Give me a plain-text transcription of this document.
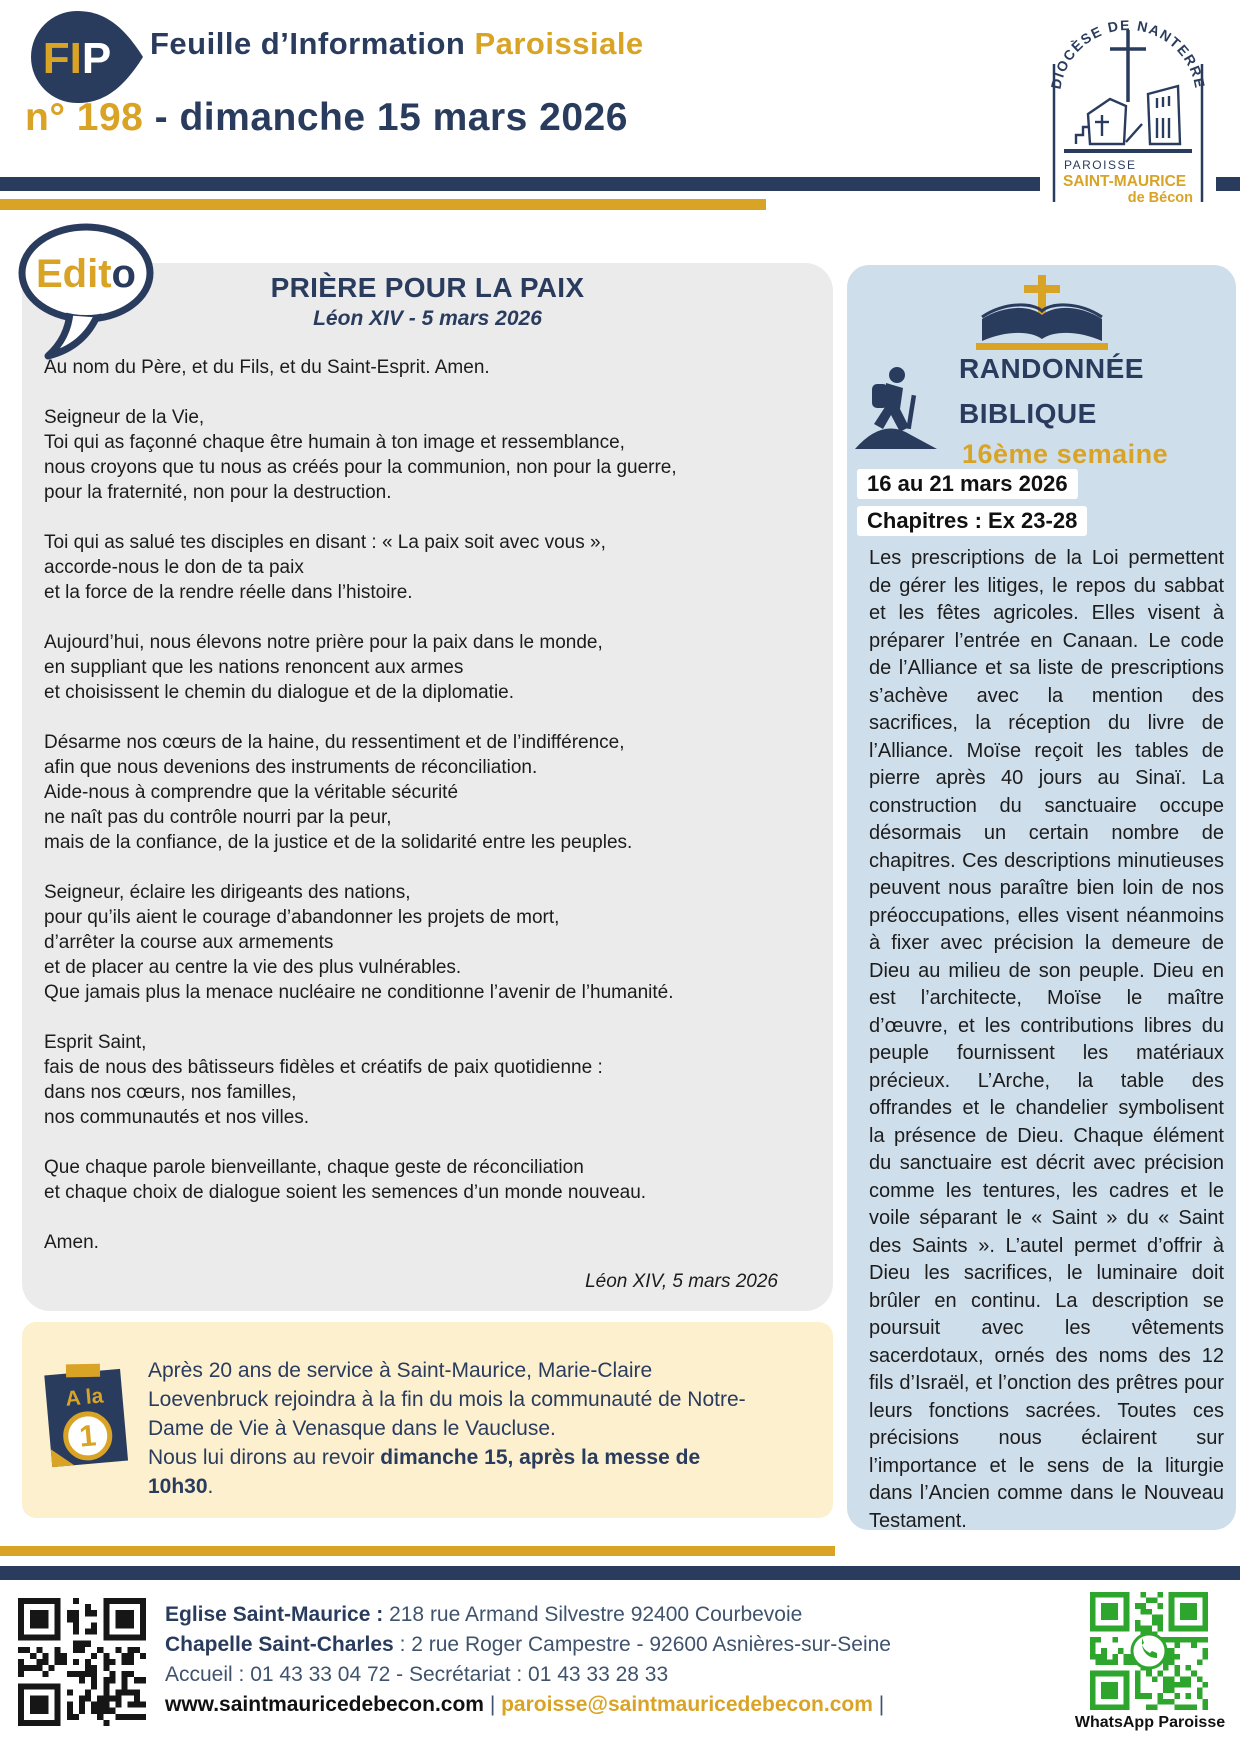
FIP Feuille d’Information Paroissiale
n° 198 - dimanche 15 mars 2026
DIOCÈSE DE NANTERRE
PAROISSE
SAINT-MAURICE
de Bécon
PRIÈRE POUR LA PAIX
Léon XIV - 5 mars 2026

Au nom du Père, et du Fils, et du Saint-Esprit. Amen.

Seigneur de la Vie,
Toi qui as façonné chaque être humain à ton image et ressemblance,
nous croyons que tu nous as créés pour la communion, non pour la guerre,
pour la fraternité, non pour la destruction.

Toi qui as salué tes disciples en disant : « La paix soit avec vous »,
accorde-nous le don de ta paix
et la force de la rendre réelle dans l’histoire.

Aujourd’hui, nous élevons notre prière pour la paix dans le monde,
en suppliant que les nations renoncent aux armes
et choisissent le chemin du dialogue et de la diplomatie.

Désarme nos cœurs de la haine, du ressentiment et de l’indifférence,
afin que nous devenions des instruments de réconciliation.
Aide-nous à comprendre que la véritable sécurité
ne naît pas du contrôle nourri par la peur,
mais de la confiance, de la justice et de la solidarité entre les peuples.

Seigneur, éclaire les dirigeants des nations,
pour qu’ils aient le courage d’abandonner les projets de mort,
d’arrêter la course aux armements
et de placer au centre la vie des plus vulnérables.
Que jamais plus la menace nucléaire ne conditionne l’avenir de l’humanité.

Esprit Saint,
fais de nous des bâtisseurs fidèles et créatifs de paix quotidienne :
dans nos cœurs, nos familles,
nos communautés et nos villes.

Que chaque parole bienveillante, chaque geste de réconciliation
et chaque choix de dialogue soient les semences d’un monde nouveau.

Amen.

Léon XIV, 5 mars 2026
Edito
A la
1
Après 20 ans de service à Saint-Maurice, Marie-Claire Loevenbruck rejoindra à la fin du mois la communauté de Notre-Dame de Vie à Venasque dans le Vaucluse.
Nous lui dirons au revoir dimanche 15, après la messe de 10h30.
RANDONNÉE
BIBLIQUE
16ème semaine
16 au 21 mars 2026
Chapitres : Ex 23-28
Les prescriptions de la Loi permettent de gérer les litiges, le repos du sabbat et les fêtes agricoles. Elles visent à préparer l’entrée en Canaan. Le code de l’Alliance et sa liste de prescriptions s’achève avec la mention des sacrifices, la réception du livre de l’Alliance. Moïse reçoit les tables de pierre après 40 jours au Sinaï. La construction du sanctuaire occupe désormais un certain nombre de chapitres. Ces descriptions minutieuses peuvent nous paraître bien loin de nos préoccupations, elles visent néanmoins à fixer avec précision la demeure de Dieu au milieu de son peuple. Dieu en est l’architecte, Moïse le maître d’œuvre, et les contributions libres du peuple fournissent les matériaux précieux. L’Arche, la table des offrandes et le chandelier symbolisent la présence de Dieu. Chaque élément du sanctuaire est décrit avec précision comme les tentures, les cadres et le voile séparant le « Saint » du « Saint des Saints ». L’autel permet d’offrir à Dieu les sacrifices, le luminaire doit brûler en continu. La description se poursuit avec les vêtements sacerdotaux, ornés des noms des 12 fils d’Israël, et l’onction des prêtres pour leurs fonctions sacrées. Toutes ces précisions nous éclairent sur l’importance et le sens de la liturgie dans l’Ancien comme dans le Nouveau Testament.
Eglise Saint-Maurice : 218 rue Armand Silvestre 92400 Courbevoie
Chapelle Saint-Charles : 2 rue Roger Campestre - 92600 Asnières-sur-Seine
Accueil : 01 43 33 04 72 - Secrétariat : 01 43 33 28 33
www.saintmauricedebecon.com | paroisse@saintmauricedebecon.com |
WhatsApp Paroisse
